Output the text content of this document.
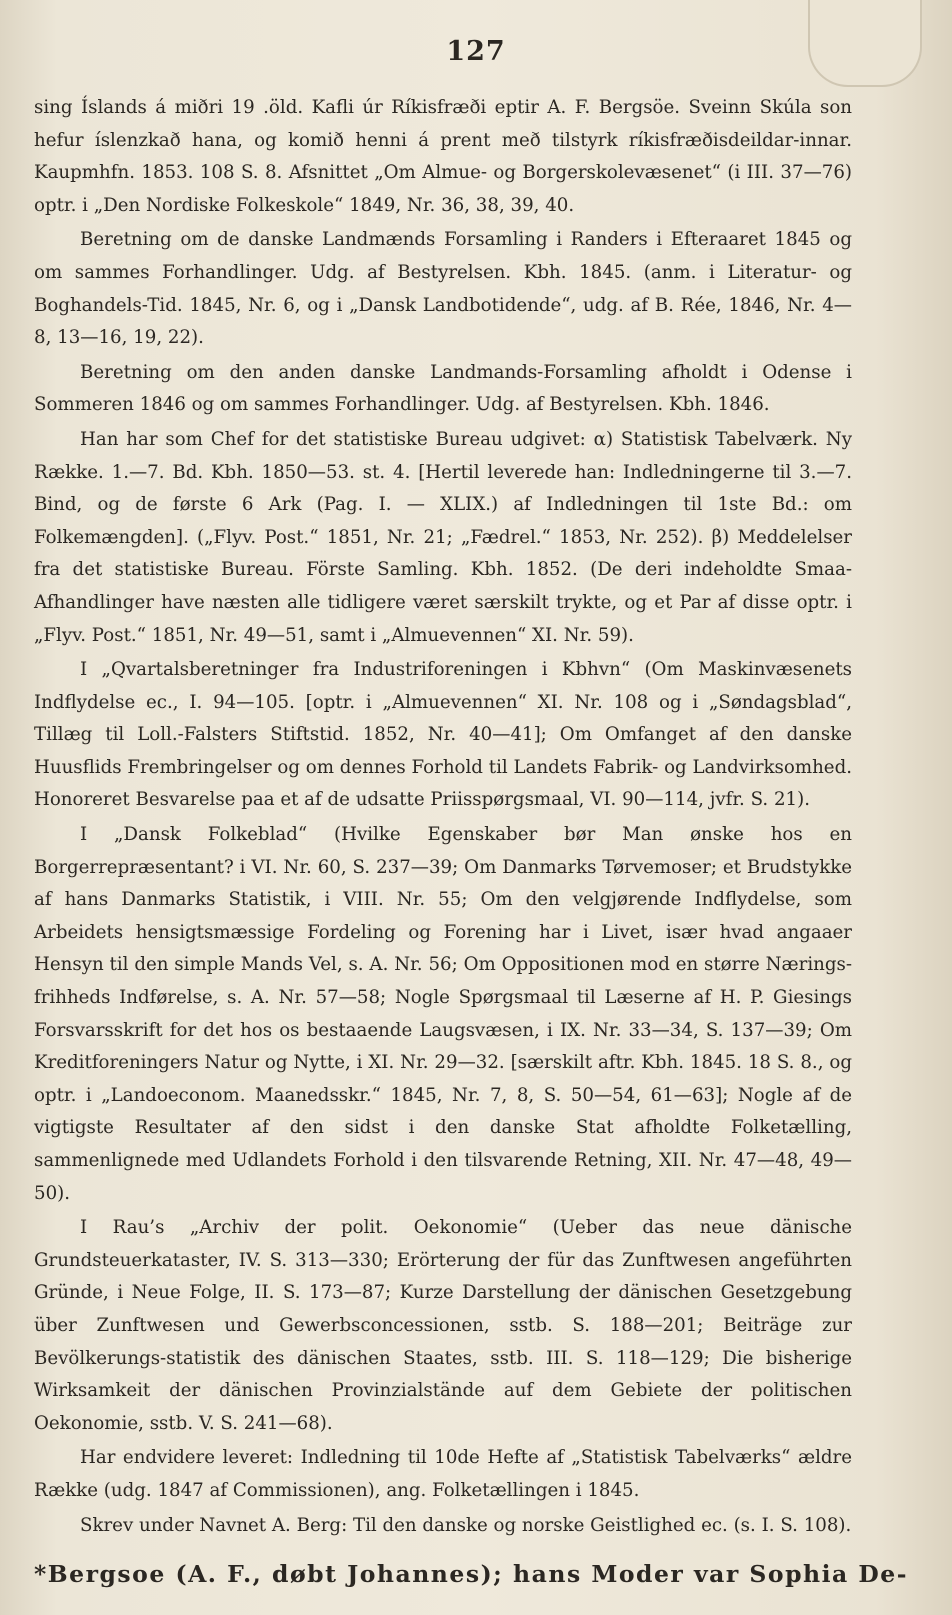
127

sing Íslands á miðri 19 .öld. Kafli úr Ríkisfræði eptir A. F. Bergsöe. Sveinn Skúla son hefur íslenzkað hana, og komið henni á prent með tilstyrk ríkisfræðisdeildar-innar. Kaupmhfn. 1853. 108 S. 8. Afsnittet „Om Almue- og Borgerskolevæsenet“ (i III. 37—76) optr. i „Den Nordiske Folkeskole“ 1849, Nr. 36, 38, 39, 40.

Beretning om de danske Landmænds Forsamling i Randers i Efteraaret 1845 og om sammes Forhandlinger. Udg. af Bestyrelsen. Kbh. 1845. (anm. i Literatur- og Boghandels-Tid. 1845, Nr. 6, og i „Dansk Landbotidende“, udg. af B. Rée, 1846, Nr. 4—8, 13—16, 19, 22).

Beretning om den anden danske Landmands-Forsamling afholdt i Odense i Sommeren 1846 og om sammes Forhandlinger. Udg. af Bestyrelsen. Kbh. 1846.

Han har som Chef for det statistiske Bureau udgivet: α) Statistisk Tabelværk. Ny Række. 1.—7. Bd. Kbh. 1850—53. st. 4. [Hertil leverede han: Indledningerne til 3.—7. Bind, og de første 6 Ark (Pag. I. — XLIX.) af Indledningen til 1ste Bd.: om Folkemængden]. („Flyv. Post.“ 1851, Nr. 21; „Fædrel.“ 1853, Nr. 252). β) Meddelelser fra det statistiske Bureau. Förste Samling. Kbh. 1852. (De deri indeholdte Smaa-Afhandlinger have næsten alle tidligere været særskilt trykte, og et Par af disse optr. i „Flyv. Post.“ 1851, Nr. 49—51, samt i „Almuevennen“ XI. Nr. 59).

I „Qvartalsberetninger fra Industriforeningen i Kbhvn“ (Om Maskinvæsenets Indflydelse ec., I. 94—105. [optr. i „Almuevennen“ XI. Nr. 108 og i „Søndagsblad“, Tillæg til Loll.-Falsters Stiftstid. 1852, Nr. 40—41]; Om Omfanget af den danske Huusflids Frembringelser og om dennes Forhold til Landets Fabrik- og Landvirksomhed. Honoreret Besvarelse paa et af de udsatte Priisspørgsmaal, VI. 90—114, jvfr. S. 21).

I „Dansk Folkeblad“ (Hvilke Egenskaber bør Man ønske hos en Borgerrepræsentant? i VI. Nr. 60, S. 237—39; Om Danmarks Tørvemoser; et Brudstykke af hans Danmarks Statistik, i VIII. Nr. 55; Om den velgjørende Indflydelse, som Arbeidets hensigtsmæssige Fordeling og Forening har i Livet, især hvad angaaer Hensyn til den simple Mands Vel, s. A. Nr. 56; Om Oppositionen mod en større Nærings-frihheds Indførelse, s. A. Nr. 57—58; Nogle Spørgsmaal til Læserne af H. P. Giesings Forsvarsskrift for det hos os bestaaende Laugsvæsen, i IX. Nr. 33—34, S. 137—39; Om Kreditforeningers Natur og Nytte, i XI. Nr. 29—32. [særskilt aftr. Kbh. 1845. 18 S. 8., og optr. i „Landoeconom. Maanedsskr.“ 1845, Nr. 7, 8, S. 50—54, 61—63]; Nogle af de vigtigste Resultater af den sidst i den danske Stat afholdte Folketælling, sammenlignede med Udlandets Forhold i den tilsvarende Retning, XII. Nr. 47—48, 49—50).

I Rau’s „Archiv der polit. Oekonomie“ (Ueber das neue dänische Grundsteuerkataster, IV. S. 313—330; Erörterung der für das Zunftwesen angeführten Gründe, i Neue Folge, II. S. 173—87; Kurze Darstellung der dänischen Gesetzgebung über Zunftwesen und Gewerbsconcessionen, sstb. S. 188—201; Beiträge zur Bevölkerungs-statistik des dänischen Staates, sstb. III. S. 118—129; Die bisherige Wirksamkeit der dänischen Provinzialstände auf dem Gebiete der politischen Oekonomie, sstb. V. S. 241—68).

Har endvidere leveret: Indledning til 10de Hefte af „Statistisk Tabelværks“ ældre Række (udg. 1847 af Commissionen), ang. Folketællingen i 1845.

Skrev under Navnet A. Berg: Til den danske og norske Geistlighed ec. (s. I. S. 108).

*Bergsoe (A. F., døbt Johannes); hans Moder var Sophia De-
